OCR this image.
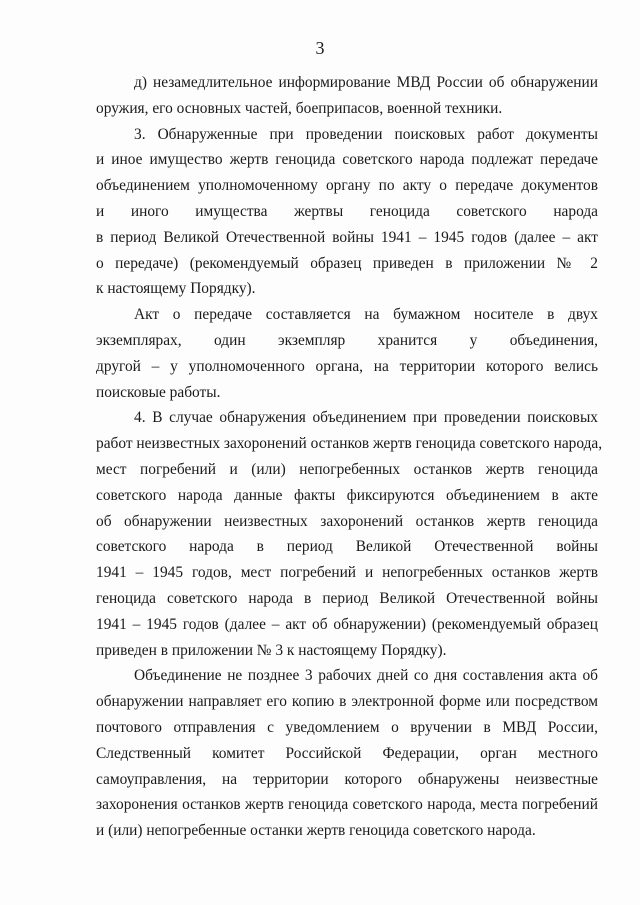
3
д) незамедлительное информирование МВД России об обнаружении
оружия, его основных частей, боеприпасов, военной техники.
3. Обнаруженные при проведении поисковых работ документы
и иное имущество жертв геноцида советского народа подлежат передаче
объединением уполномоченному органу по акту о передаче документов
и иного имущества жертвы геноцида советского народа
в период Великой Отечественной войны 1941 – 1945 годов (далее – акт
о передаче) (рекомендуемый образец приведен в приложении № 2
к настоящему Порядку).
Акт о передаче составляется на бумажном носителе в двух
экземплярах, один экземпляр хранится у объединения,
другой – у уполномоченного органа, на территории которого велись
поисковые работы.
4. В случае обнаружения объединением при проведении поисковых
работ неизвестных захоронений останков жертв геноцида советского народа,
мест погребений и (или) непогребенных останков жертв геноцида
советского народа данные факты фиксируются объединением в акте
об обнаружении неизвестных захоронений останков жертв геноцида
советского народа в период Великой Отечественной войны
1941 – 1945 годов, мест погребений и непогребенных останков жертв
геноцида советского народа в период Великой Отечественной войны
1941 – 1945 годов (далее – акт об обнаружении) (рекомендуемый образец
приведен в приложении № 3 к настоящему Порядку).
Объединение не позднее 3 рабочих дней со дня составления акта об
обнаружении направляет его копию в электронной форме или посредством
почтового отправления с уведомлением о вручении в МВД России,
Следственный комитет Российской Федерации, орган местного
самоуправления, на территории которого обнаружены неизвестные
захоронения останков жертв геноцида советского народа, места погребений
и (или) непогребенные останки жертв геноцида советского народа.
